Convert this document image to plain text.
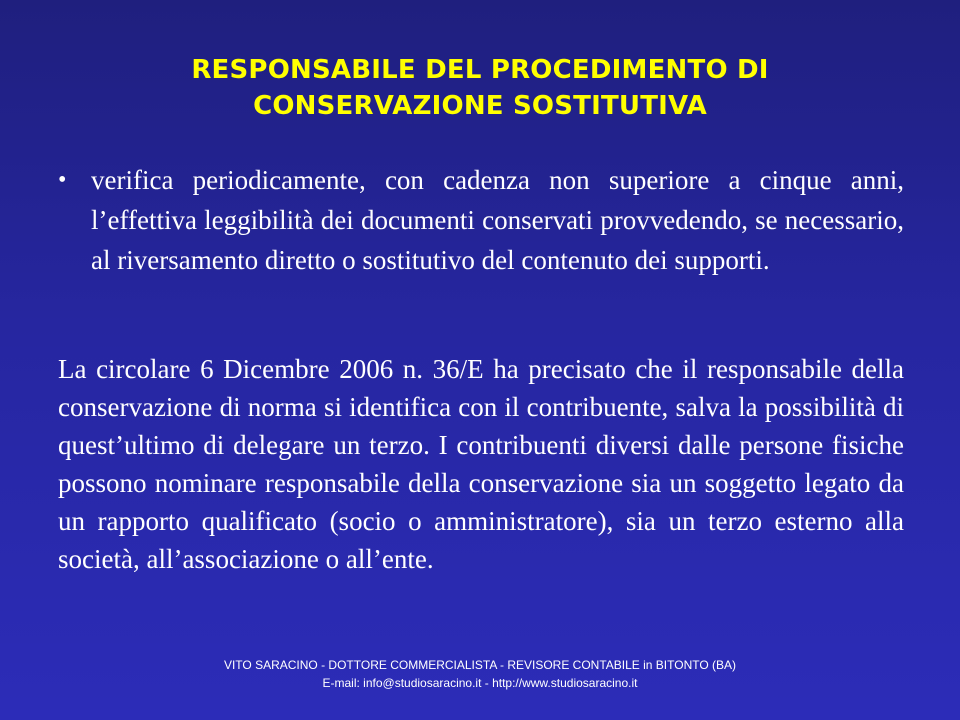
RESPONSABILE DEL PROCEDIMENTO DI
CONSERVAZIONE SOSTITUTIVA
• verifica periodicamente, con cadenza non superiore a cinque anni, l’effettiva leggibilità dei documenti conservati provvedendo, se necessario, al riversamento diretto o sostitutivo del contenuto dei supporti.
La circolare 6 Dicembre 2006 n. 36/E ha precisato che il responsabile della conservazione di norma si identifica con il contribuente, salva la possibilità di quest’ultimo di delegare un terzo. I contribuenti diversi dalle persone fisiche possono nominare responsabile della conservazione sia un soggetto legato da un rapporto qualificato (socio o amministratore), sia un terzo esterno alla società, all’associazione o all’ente.
VITO SARACINO - DOTTORE COMMERCIALISTA - REVISORE CONTABILE in BITONTO (BA)
E-mail: info@studiosaracino.it - http://www.studiosaracino.it
